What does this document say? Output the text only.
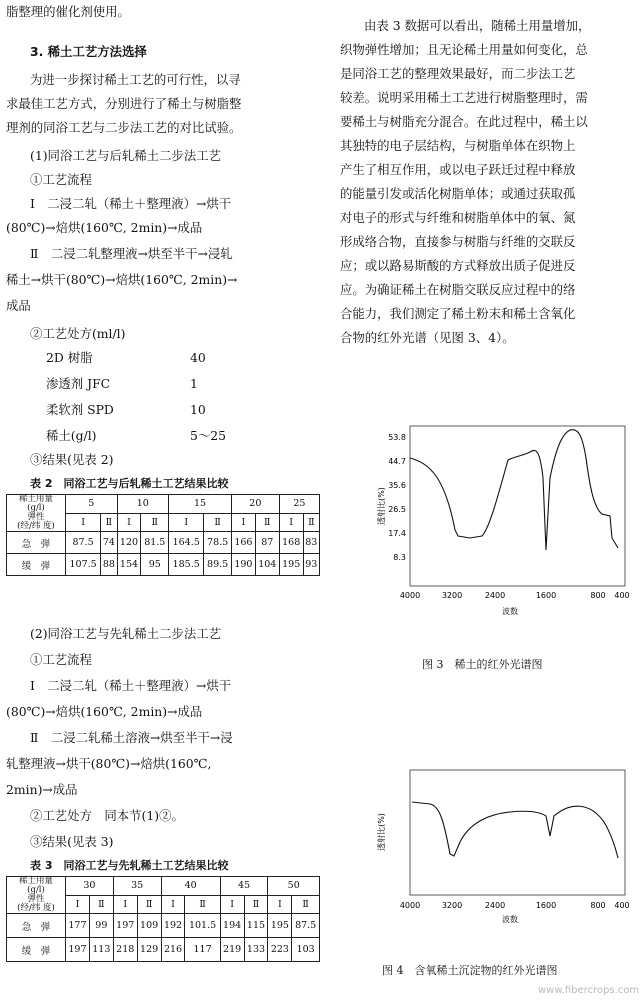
脂整理的催化剂使用。
3. 稀土工艺方法选择
为进一步探讨稀土工艺的可行性，以寻
求最佳工艺方式，分别进行了稀土与树脂整
理剂的同浴工艺与二步法工艺的对比试验。
(1)同浴工艺与后轧稀土二步法工艺
①工艺流程
Ⅰ　二浸二轧（稀土＋整理液）→烘干
(80℃)→焙烘(160℃, 2min)→成品
Ⅱ　二浸二轧整理液→烘至半干→浸轧
稀土→烘干(80℃)→焙烘(160℃, 2min)→
成品
②工艺处方(ml/l)
2D 树脂	40
渗透剂 JFC	1
柔软剂 SPD	10
稀土(g/l)	5～25
③结果(见表 2)
表 2　同浴工艺与后轧稀土工艺结果比较
稀土用量
(g/l)
弹性
(经/纬 度)	5		10		15		20		25	
	Ⅰ	Ⅱ	Ⅰ	Ⅱ	Ⅰ	Ⅱ	Ⅰ	Ⅱ	Ⅰ	Ⅱ
急　弹	87.5	74	120	81.5	164.5	78.5	166	87	168	83
缓　弹	107.5	88	154	95	185.5	89.5	190	104	195	93
(2)同浴工艺与先轧稀土二步法工艺
①工艺流程
Ⅰ　二浸二轧（稀土＋整理液）→烘干
(80℃)→焙烘(160℃, 2min)→成品
Ⅱ　二浸二轧稀土溶液→烘至半干→浸
轧整理液→烘干(80℃)→焙烘(160℃,
2min)→成品
②工艺处方　同本节(1)②。
③结果(见表 3)
表 3　同浴工艺与先轧稀土工艺结果比较
稀土用量
(g/l)
弹性
(经/纬 度)	30		35		40		45		50	
	Ⅰ	Ⅱ	Ⅰ	Ⅱ	Ⅰ	Ⅱ	Ⅰ	Ⅱ	Ⅰ	Ⅱ
急　弹	177	99	197	109	192	101.5	194	115	195	87.5
缓　弹	197	113	218	129	216	117	219	133	223	103
由表 3 数据可以看出，随稀土用量增加，
织物弹性增加；且无论稀土用量如何变化，总
是同浴工艺的整理效果最好，而二步法工艺
较差。说明采用稀土工艺进行树脂整理时，需
要稀土与树脂充分混合。在此过程中，稀土以
其独特的电子层结构，与树脂单体在织物上
产生了相互作用，或以电子跃迁过程中释放
的能量引发或活化树脂单体；或通过获取孤
对电子的形式与纤维和树脂单体中的氧、氮
形成络合物，直接参与树脂与纤维的交联反
应；或以路易斯酸的方式释放出质子促进反
应。为确证稀土在树脂交联反应过程中的络
合能力，我们测定了稀土粉末和稀土含氧化
合物的红外光谱（见图 3、4）。
透射比(%)
53.8
44.7
35.6
26.5
17.4
8.3
4000	3200	2400	1600	800 400
波数
图 3　稀土的红外光谱图
透射比(%)
4000	3200	2400	1600	800 400
波数
图 4　含氧稀土沉淀物的红外光谱图
www.fibercrops.com
